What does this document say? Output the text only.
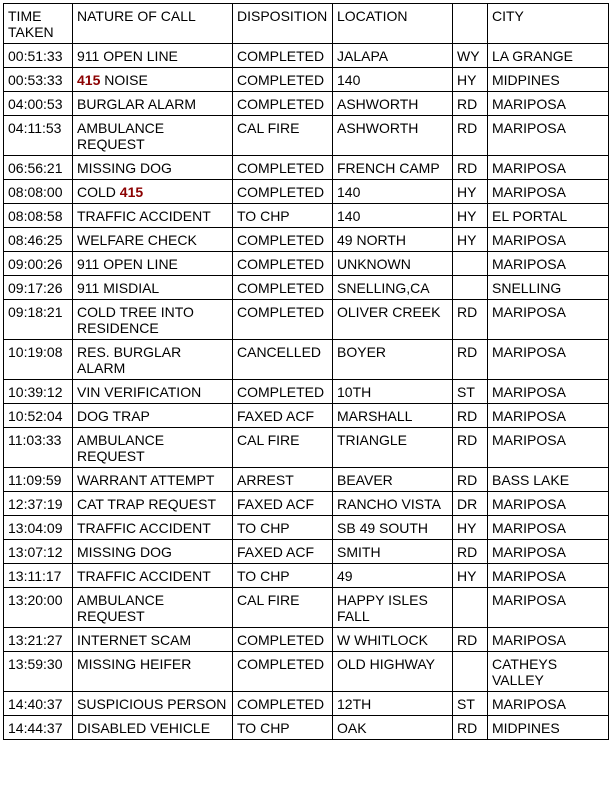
TIME TAKEN	NATURE OF CALL	DISPOSITION	LOCATION		CITY
00:51:33	911 OPEN LINE	COMPLETED	JALAPA	WY	LA GRANGE
00:53:33	415 NOISE	COMPLETED	140	HY	MIDPINES
04:00:53	BURGLAR ALARM	COMPLETED	ASHWORTH	RD	MARIPOSA
04:11:53	AMBULANCE REQUEST	CAL FIRE	ASHWORTH	RD	MARIPOSA
06:56:21	MISSING DOG	COMPLETED	FRENCH CAMP	RD	MARIPOSA
08:08:00	COLD 415	COMPLETED	140	HY	MARIPOSA
08:08:58	TRAFFIC ACCIDENT	TO CHP	140	HY	EL PORTAL
08:46:25	WELFARE CHECK	COMPLETED	49 NORTH	HY	MARIPOSA
09:00:26	911 OPEN LINE	COMPLETED	UNKNOWN		MARIPOSA
09:17:26	911 MISDIAL	COMPLETED	SNELLING,CA		SNELLING
09:18:21	COLD TREE INTO RESIDENCE	COMPLETED	OLIVER CREEK	RD	MARIPOSA
10:19:08	RES. BURGLAR ALARM	CANCELLED	BOYER	RD	MARIPOSA
10:39:12	VIN VERIFICATION	COMPLETED	10TH	ST	MARIPOSA
10:52:04	DOG TRAP	FAXED ACF	MARSHALL	RD	MARIPOSA
11:03:33	AMBULANCE REQUEST	CAL FIRE	TRIANGLE	RD	MARIPOSA
11:09:59	WARRANT ATTEMPT	ARREST	BEAVER	RD	BASS LAKE
12:37:19	CAT TRAP REQUEST	FAXED ACF	RANCHO VISTA	DR	MARIPOSA
13:04:09	TRAFFIC ACCIDENT	TO CHP	SB 49 SOUTH	HY	MARIPOSA
13:07:12	MISSING DOG	FAXED ACF	SMITH	RD	MARIPOSA
13:11:17	TRAFFIC ACCIDENT	TO CHP	49	HY	MARIPOSA
13:20:00	AMBULANCE REQUEST	CAL FIRE	HAPPY ISLES FALL		MARIPOSA
13:21:27	INTERNET SCAM	COMPLETED	W WHITLOCK	RD	MARIPOSA
13:59:30	MISSING HEIFER	COMPLETED	OLD HIGHWAY		CATHEYS VALLEY
14:40:37	SUSPICIOUS PERSON	COMPLETED	12TH	ST	MARIPOSA
14:44:37	DISABLED VEHICLE	TO CHP	OAK	RD	MIDPINES
